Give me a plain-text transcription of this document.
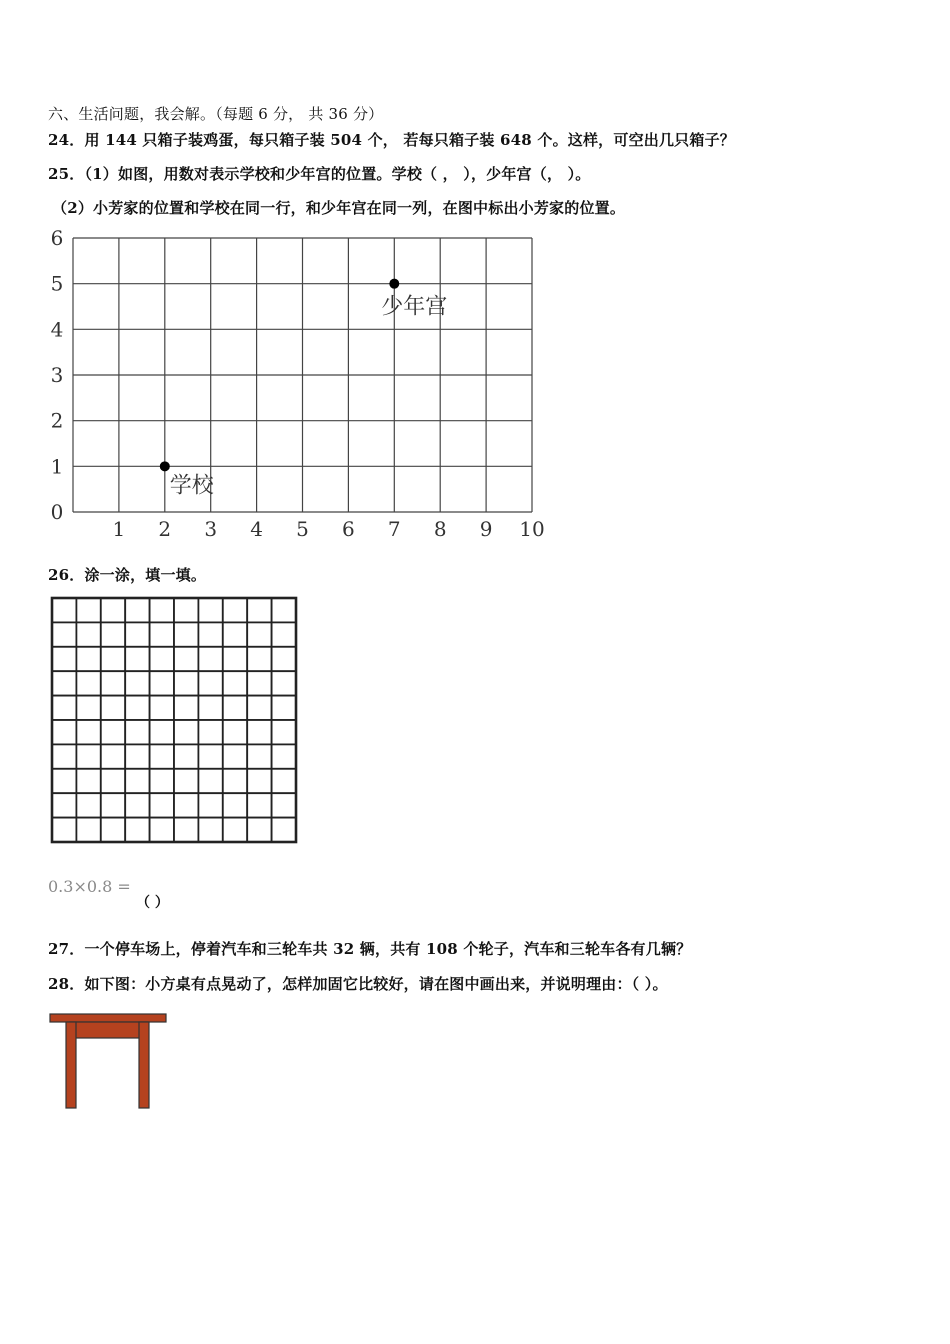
六、生活问题，我会解。（每题 6 分， 共 36 分）
24．用 144 只箱子装鸡蛋，每只箱子装 504 个， 若每只箱子装 648 个。这样，可空出几只箱子？
25．（1）如图，用数对表示学校和少年宫的位置。学校（ ， ），少年宫（， ）。
（2）小芳家的位置和学校在同一行，和少年宫在同一列，在图中标出小芳家的位置。
1 2 3 4 5 6 7 8 9 10
0
1
2
3
4
5
6
学校
少年宫
26．涂一涂，填一填。
0.3×0.8 =
（ ）
27．一个停车场上，停着汽车和三轮车共 32 辆，共有 108 个轮子，汽车和三轮车各有几辆？
28．如下图：小方桌有点晃动了，怎样加固它比较好，请在图中画出来，并说明理由：（ ）。
